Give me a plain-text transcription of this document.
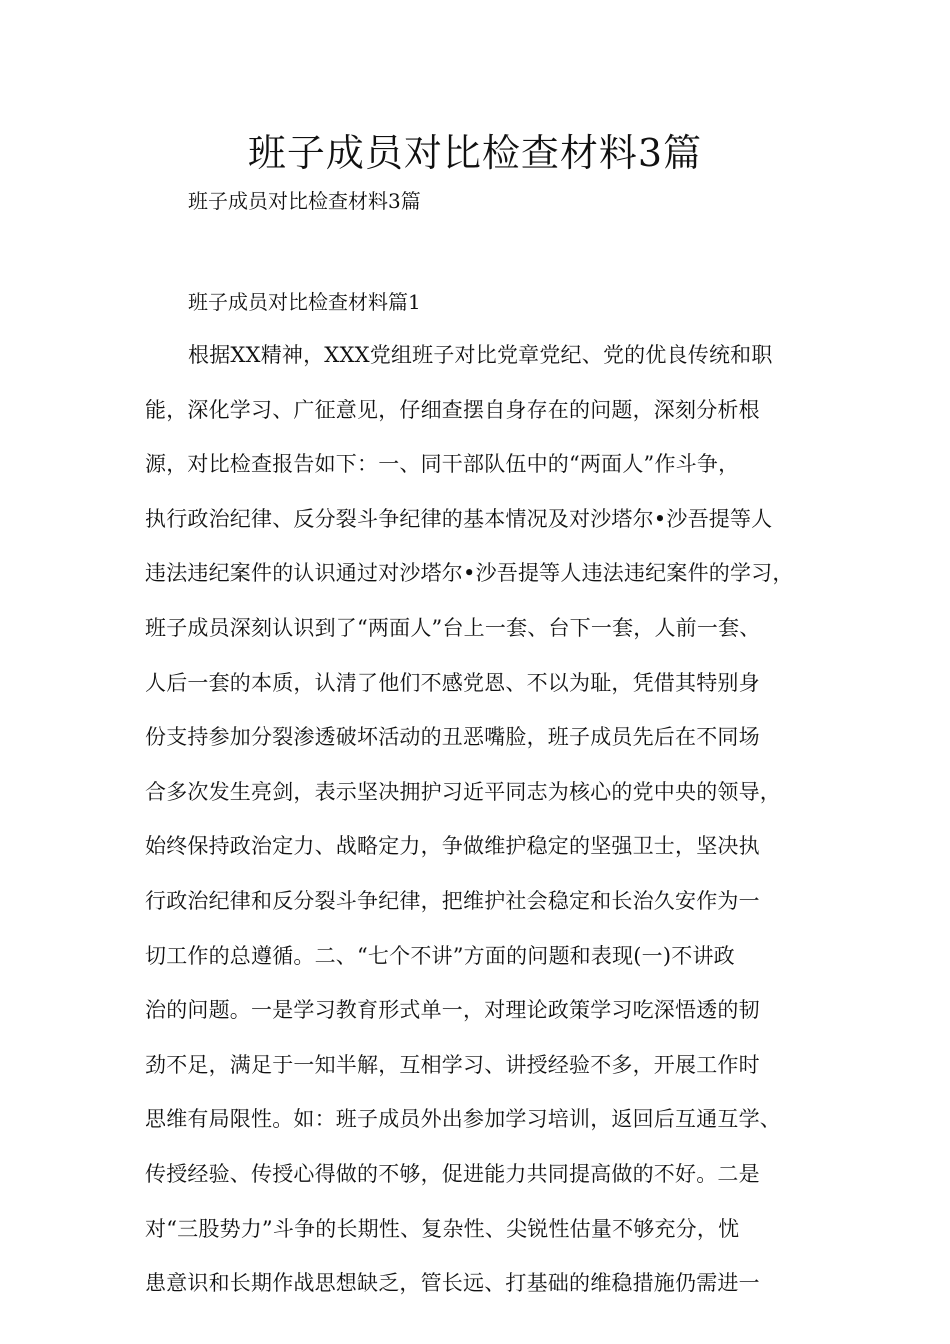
班子成员对比检查材料3篇

班子成员对比检查材料3篇

班子成员对比检查材料篇1

根据XX精神，XXX党组班子对比党章党纪、党的优良传统和职
能，深化学习、广征意见，仔细查摆自身存在的问题，深刻分析根
源，对比检查报告如下：一、同干部队伍中的“两面人”作斗争，
执行政治纪律、反分裂斗争纪律的基本情况及对沙塔尔•沙吾提等人
违法违纪案件的认识通过对沙塔尔•沙吾提等人违法违纪案件的学习，
班子成员深刻认识到了“两面人”台上一套、台下一套，人前一套、
人后一套的本质，认清了他们不感党恩、不以为耻，凭借其特别身
份支持参加分裂渗透破坏活动的丑恶嘴脸，班子成员先后在不同场
合多次发生亮剑，表示坚决拥护习近平同志为核心的党中央的领导，
始终保持政治定力、战略定力，争做维护稳定的坚强卫士，坚决执
行政治纪律和反分裂斗争纪律，把维护社会稳定和长治久安作为一
切工作的总遵循。二、“七个不讲”方面的问题和表现(一)不讲政
治的问题。一是学习教育形式单一，对理论政策学习吃深悟透的韧
劲不足，满足于一知半解，互相学习、讲授经验不多，开展工作时
思维有局限性。如：班子成员外出参加学习培训，返回后互通互学、
传授经验、传授心得做的不够，促进能力共同提高做的不好。二是
对“三股势力”斗争的长期性、复杂性、尖锐性估量不够充分，忧
患意识和长期作战思想缺乏，管长远、打基础的维稳措施仍需进一
